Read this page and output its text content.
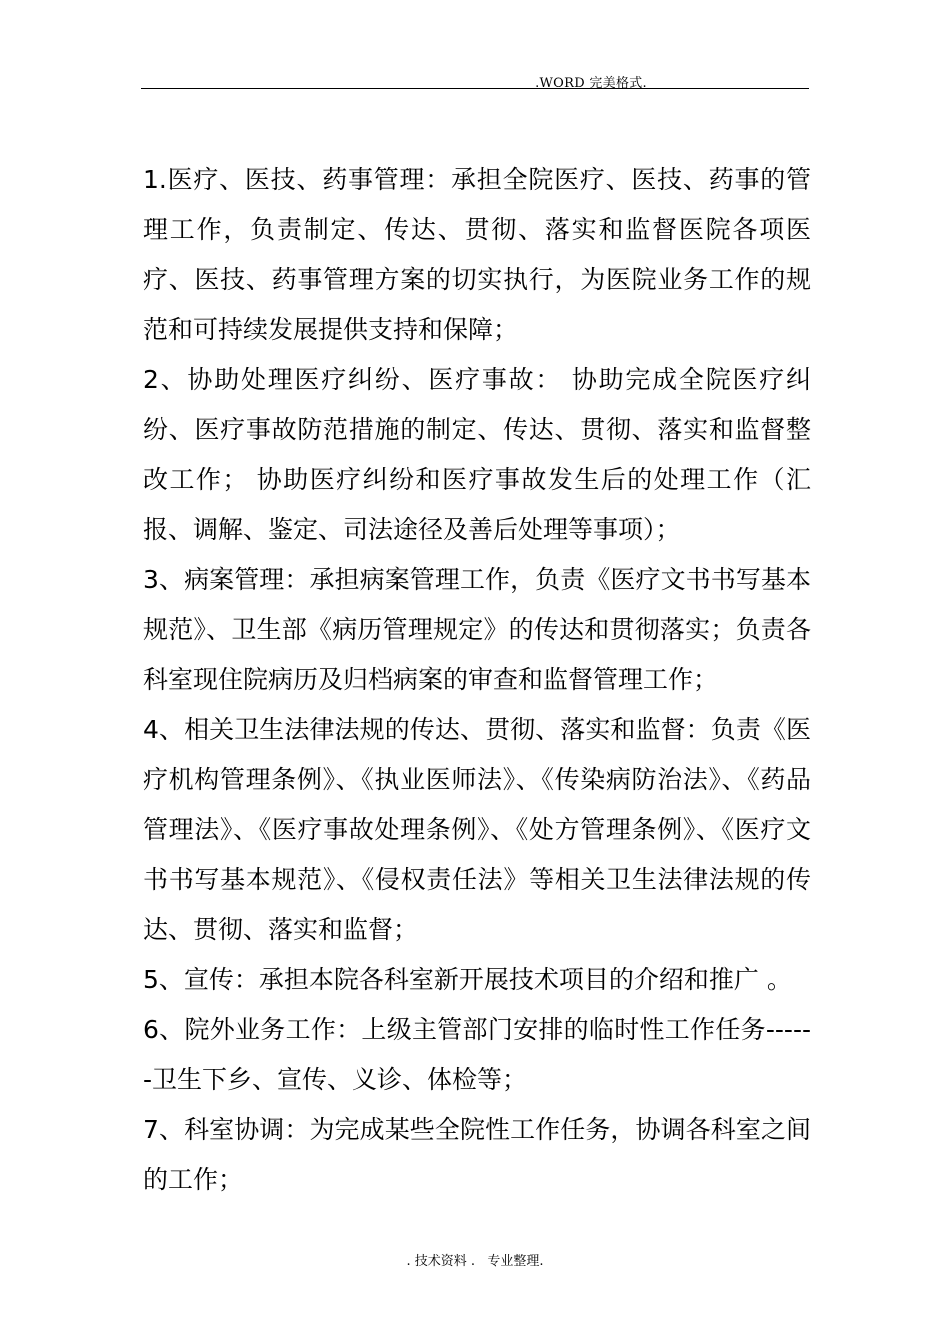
.WORD 完美格式.

1.医疗、医技、药事管理：承担全院医疗、医技、药事的管理工作，负责制定、传达、贯彻、落实和监督医院各项医疗、医技、药事管理方案的切实执行，为医院业务工作的规范和可持续发展提供支持和保障；

2、协助处理医疗纠纷、医疗事故： 协助完成全院医疗纠纷、医疗事故防范措施的制定、传达、贯彻、落实和监督整改工作； 协助医疗纠纷和医疗事故发生后的处理工作（汇报、调解、鉴定、司法途径及善后处理等事项）；

3、病案管理：承担病案管理工作，负责《医疗文书书写基本规范》、卫生部《病历管理规定》的传达和贯彻落实；负责各科室现住院病历及归档病案的审查和监督管理工作；

4、相关卫生法律法规的传达、贯彻、落实和监督：负责《医疗机构管理条例》、《执业医师法》、《传染病防治法》、《药品管理法》、《医疗事故处理条例》、《处方管理条例》、《医疗文书书写基本规范》、《侵权责任法》等相关卫生法律法规的传达、贯彻、落实和监督；

5、宣传：承担本院各科室新开展技术项目的介绍和推广 。

6、院外业务工作：上级主管部门安排的临时性工作任务------卫生下乡、宣传、义诊、体检等；

7、科室协调：为完成某些全院性工作任务，协调各科室之间的工作；

. 技术资料 .   专业整理.
